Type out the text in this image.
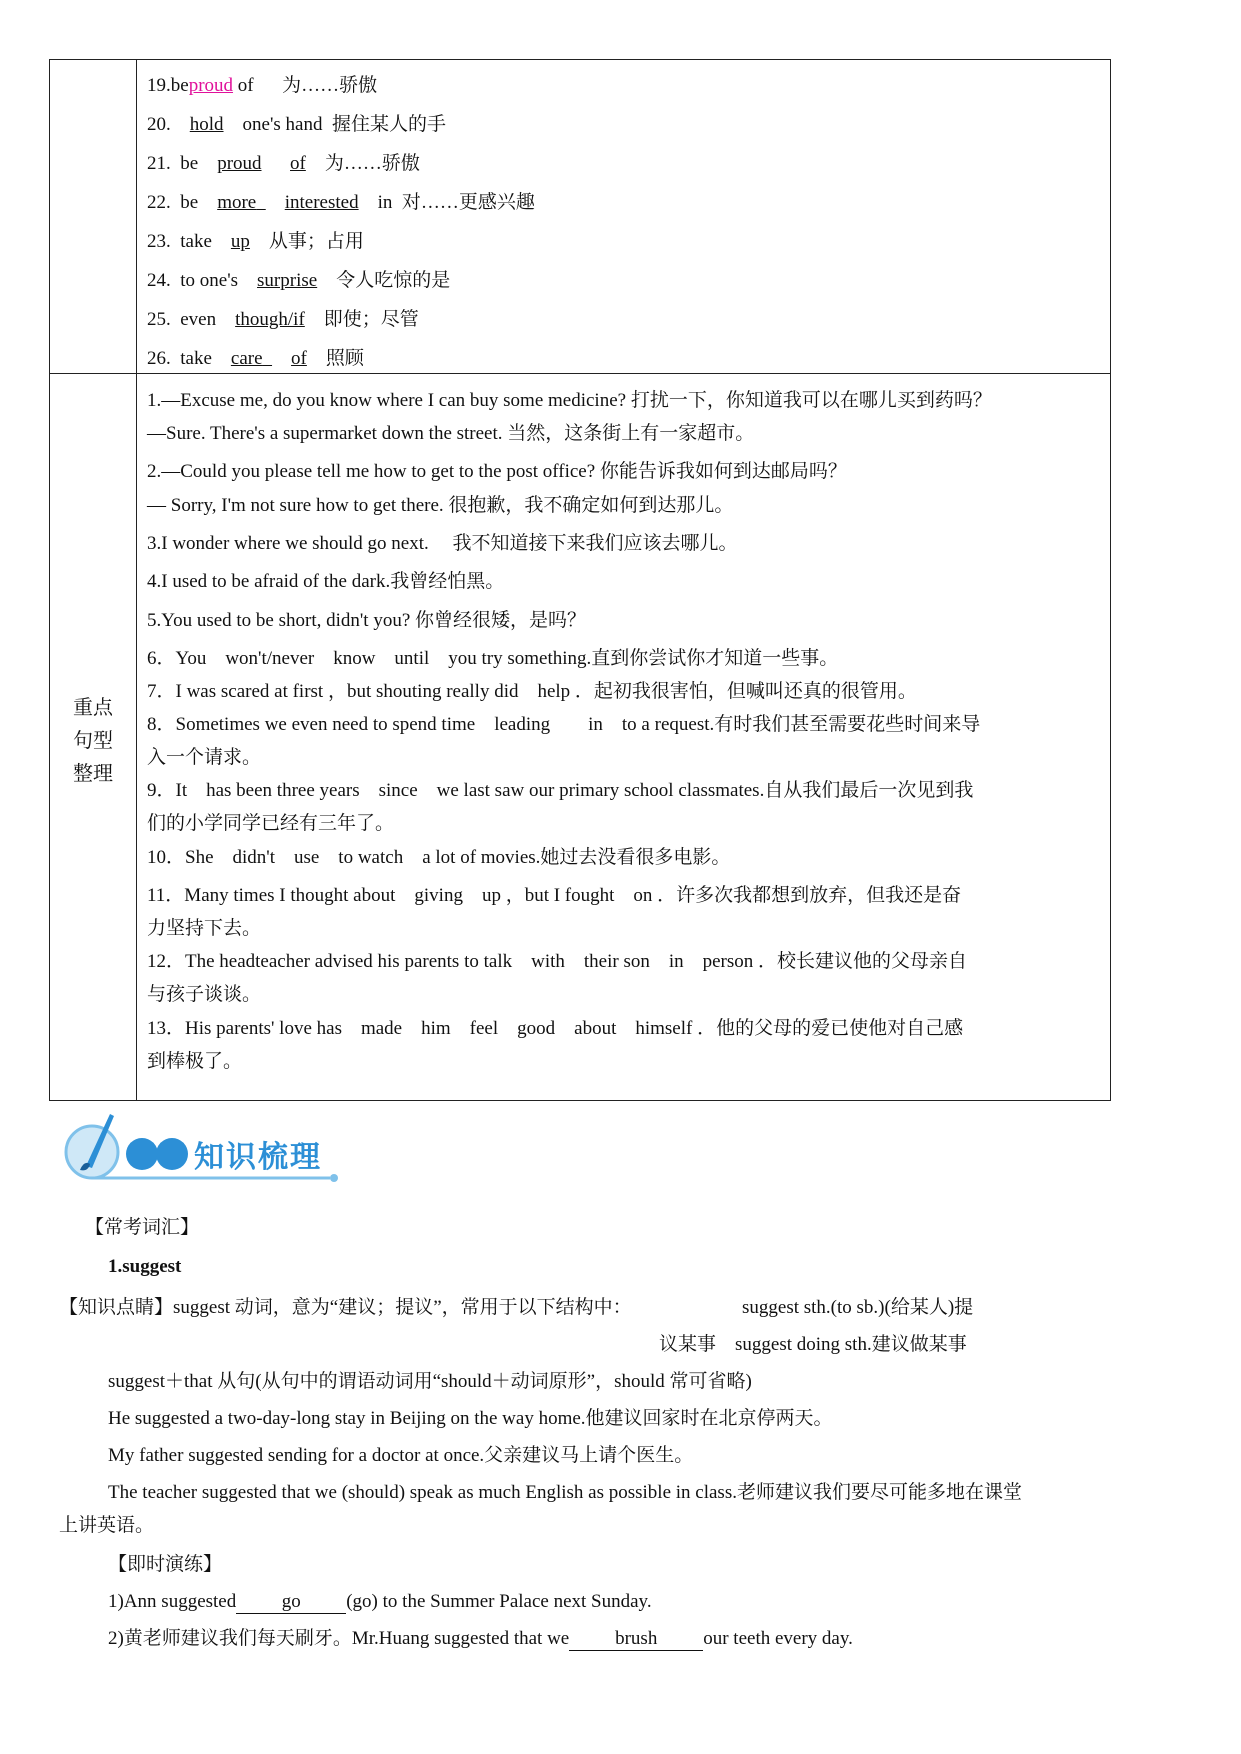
19.beproud of   为……骄傲
20.  hold  one's hand  握住某人的手
21.  be  proud   of  为……骄傲
22.  be  more   interested  in  对……更感兴趣
23.  take  up  从事；占用
24.  to one's  surprise  令人吃惊的是
25.  even  though/if  即使；尽管
26.  take  care   of  照顾
重点
句型
整理
1.—Excuse me, do you know where I can buy some medicine? 打扰一下，你知道我可以在哪儿买到药吗？
—Sure. There's a supermarket down the street. 当然，这条街上有一家超市。
2.—Could you please tell me how to get to the post office? 你能告诉我如何到达邮局吗？
— Sorry, I'm not sure how to get there. 很抱歉，我不确定如何到达那儿。
3.I wonder where we should go next. 　我不知道接下来我们应该去哪儿。
4.I used to be afraid of the dark.我曾经怕黑。
5.You used to be short, didn't you? 你曾经很矮，是吗？
6．You　won't/never　know　until　you try something.直到你尝试你才知道一些事。
7．I was scared at first ，but shouting really did　help ．起初我很害怕，但喊叫还真的很管用。
8．Sometimes we even need to spend time　leading　　in　to a request.有时我们甚至需要花些时间来导
入一个请求。
9．It　has been three years　since　we last saw our primary school classmates.自从我们最后一次见到我
们的小学同学已经有三年了。
10．She　didn't　use　to watch　a lot of movies.她过去没看很多电影。
11．Many times I thought about　giving　up ，but I fought　on ．许多次我都想到放弃，但我还是奋
力坚持下去。
12．The headteacher advised his parents to talk　with　their son　in　person ．校长建议他的父母亲自
与孩子谈谈。
13．His parents' love has　made　him　feel　good　about　himself ．他的父母的爱已使他对自己感
到棒极了。
知识梳理
【常考词汇】
1.suggest
【知识点睛】suggest 动词，意为“建议；提议”，常用于以下结构中：	suggest sth.(to sb.)(给某人)提
议某事 suggest doing sth.建议做某事
suggest＋that 从句(从句中的谓语动词用“should＋动词原形”，should 常可省略)
He suggested a two-day-long stay in Beijing on the way home.他建议回家时在北京停两天。
My father suggested sending for a doctor at once.父亲建议马上请个医生。
The teacher suggested that we (should) speak as much English as possible in class.老师建议我们要尽可能多地在课堂
上讲英语。
【即时演练】
1)Ann suggested go (go) to the Summer Palace next Sunday.
2)黄老师建议我们每天刷牙。Mr.Huang suggested that we brush our teeth every day.
